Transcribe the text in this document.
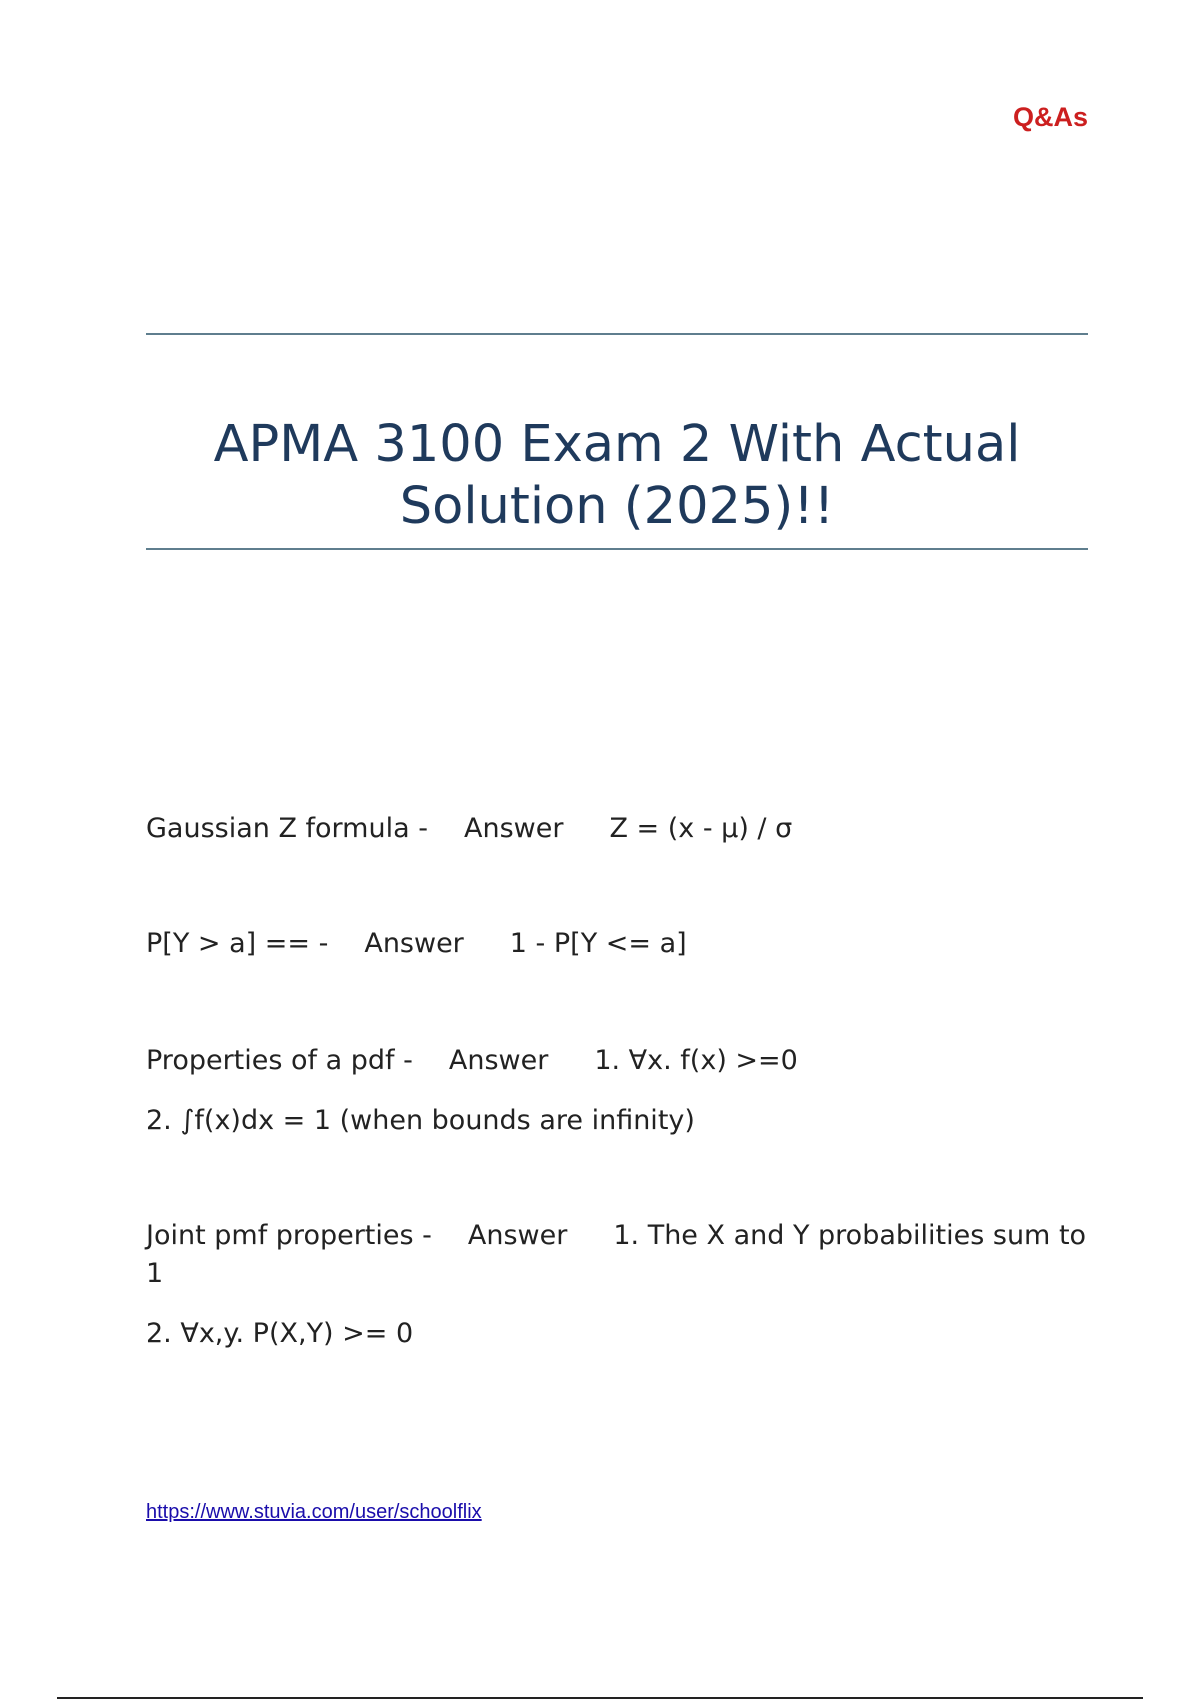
Q&As
APMA 3100 Exam 2 With Actual Solution (2025)!!
Gaussian Z formula - Answer Z = (x - μ) / σ
P[Y > a] == - Answer 1 - P[Y <= a]
Properties of a pdf - Answer 1. ∀x. f(x) >=0
2. ∫f(x)dx = 1 (when bounds are infinity)
Joint pmf properties - Answer 1. The X and Y probabilities sum to 1
2. ∀x,y. P(X,Y) >= 0
https://www.stuvia.com/user/schoolflix
